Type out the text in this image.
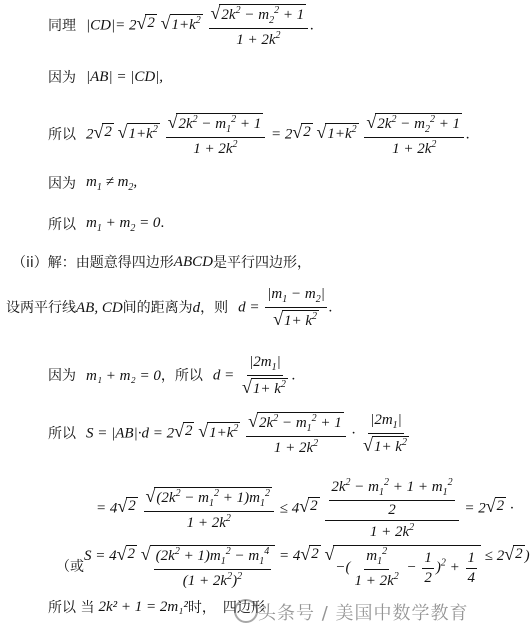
同理 |CD|= 2 √ 2
√ $1+k^2$
$\frac{√ 2k^2 - m_2^2 + 1}{1 + 2k^2}$ .
因为 |AB| = |CD|,
所以 2 √ 2
√ $1+k^2$
$\frac{√ 2k^2 - m_1^2 + 1}{1 + 2k^2} = 2$ √ 2
√ $1+k^2$
$\frac{√ 2k^2 - m_2^2 + 1}{1 + 2k^2}$ .
因为 $m_1 \ne m_2$,
所以 $m_1 + m_2 = 0$.
（ii）解：由题意得四边形 ABCD 是平行四边形，
设两平行线 AB, CD 间的距离为 d ，则 $d = \frac{|m_1 - m_2|}{√ 1+ k^2}$ .
因为 m₁ + m₂ = 0 ，所以 $d = \frac{|2m_1|}{√ 1+ k^2}$ .
所以 S = |AB|·d = 2 √ 2
√ $1+k^2$
$\frac{√ 2k^2 - m_1^2 + 1}{1 + 2k^2} \cdot \frac{|2m_1|}{√ 1+ k^2}$
= 4 √ 2
$\frac{√ (2k^2 - m_1^2 + 1)m_1^2}{1 + 2k^2} \le 4$ √ 2
$\frac{\frac{2k^2 - m_1^2 + 1 + m_1^2}{2}}{1 + 2k^2} = 2$ √ 2 ·
（或
S = 4 √ 2
√ $\frac{(2k^2 + 1)m_1^2 - m_1^4}{(1 + 2k^2)^2} = 4$ √ 2
√
−( $\frac{m_1^2}{1 + 2k^2} - \frac{1}{2} )^2 + \frac{1}{4} \le 2$ √ 2 )
所以 当 2k² + 1 = 2m₁² 时，　四边形
头条号 / 美国中数学教育
